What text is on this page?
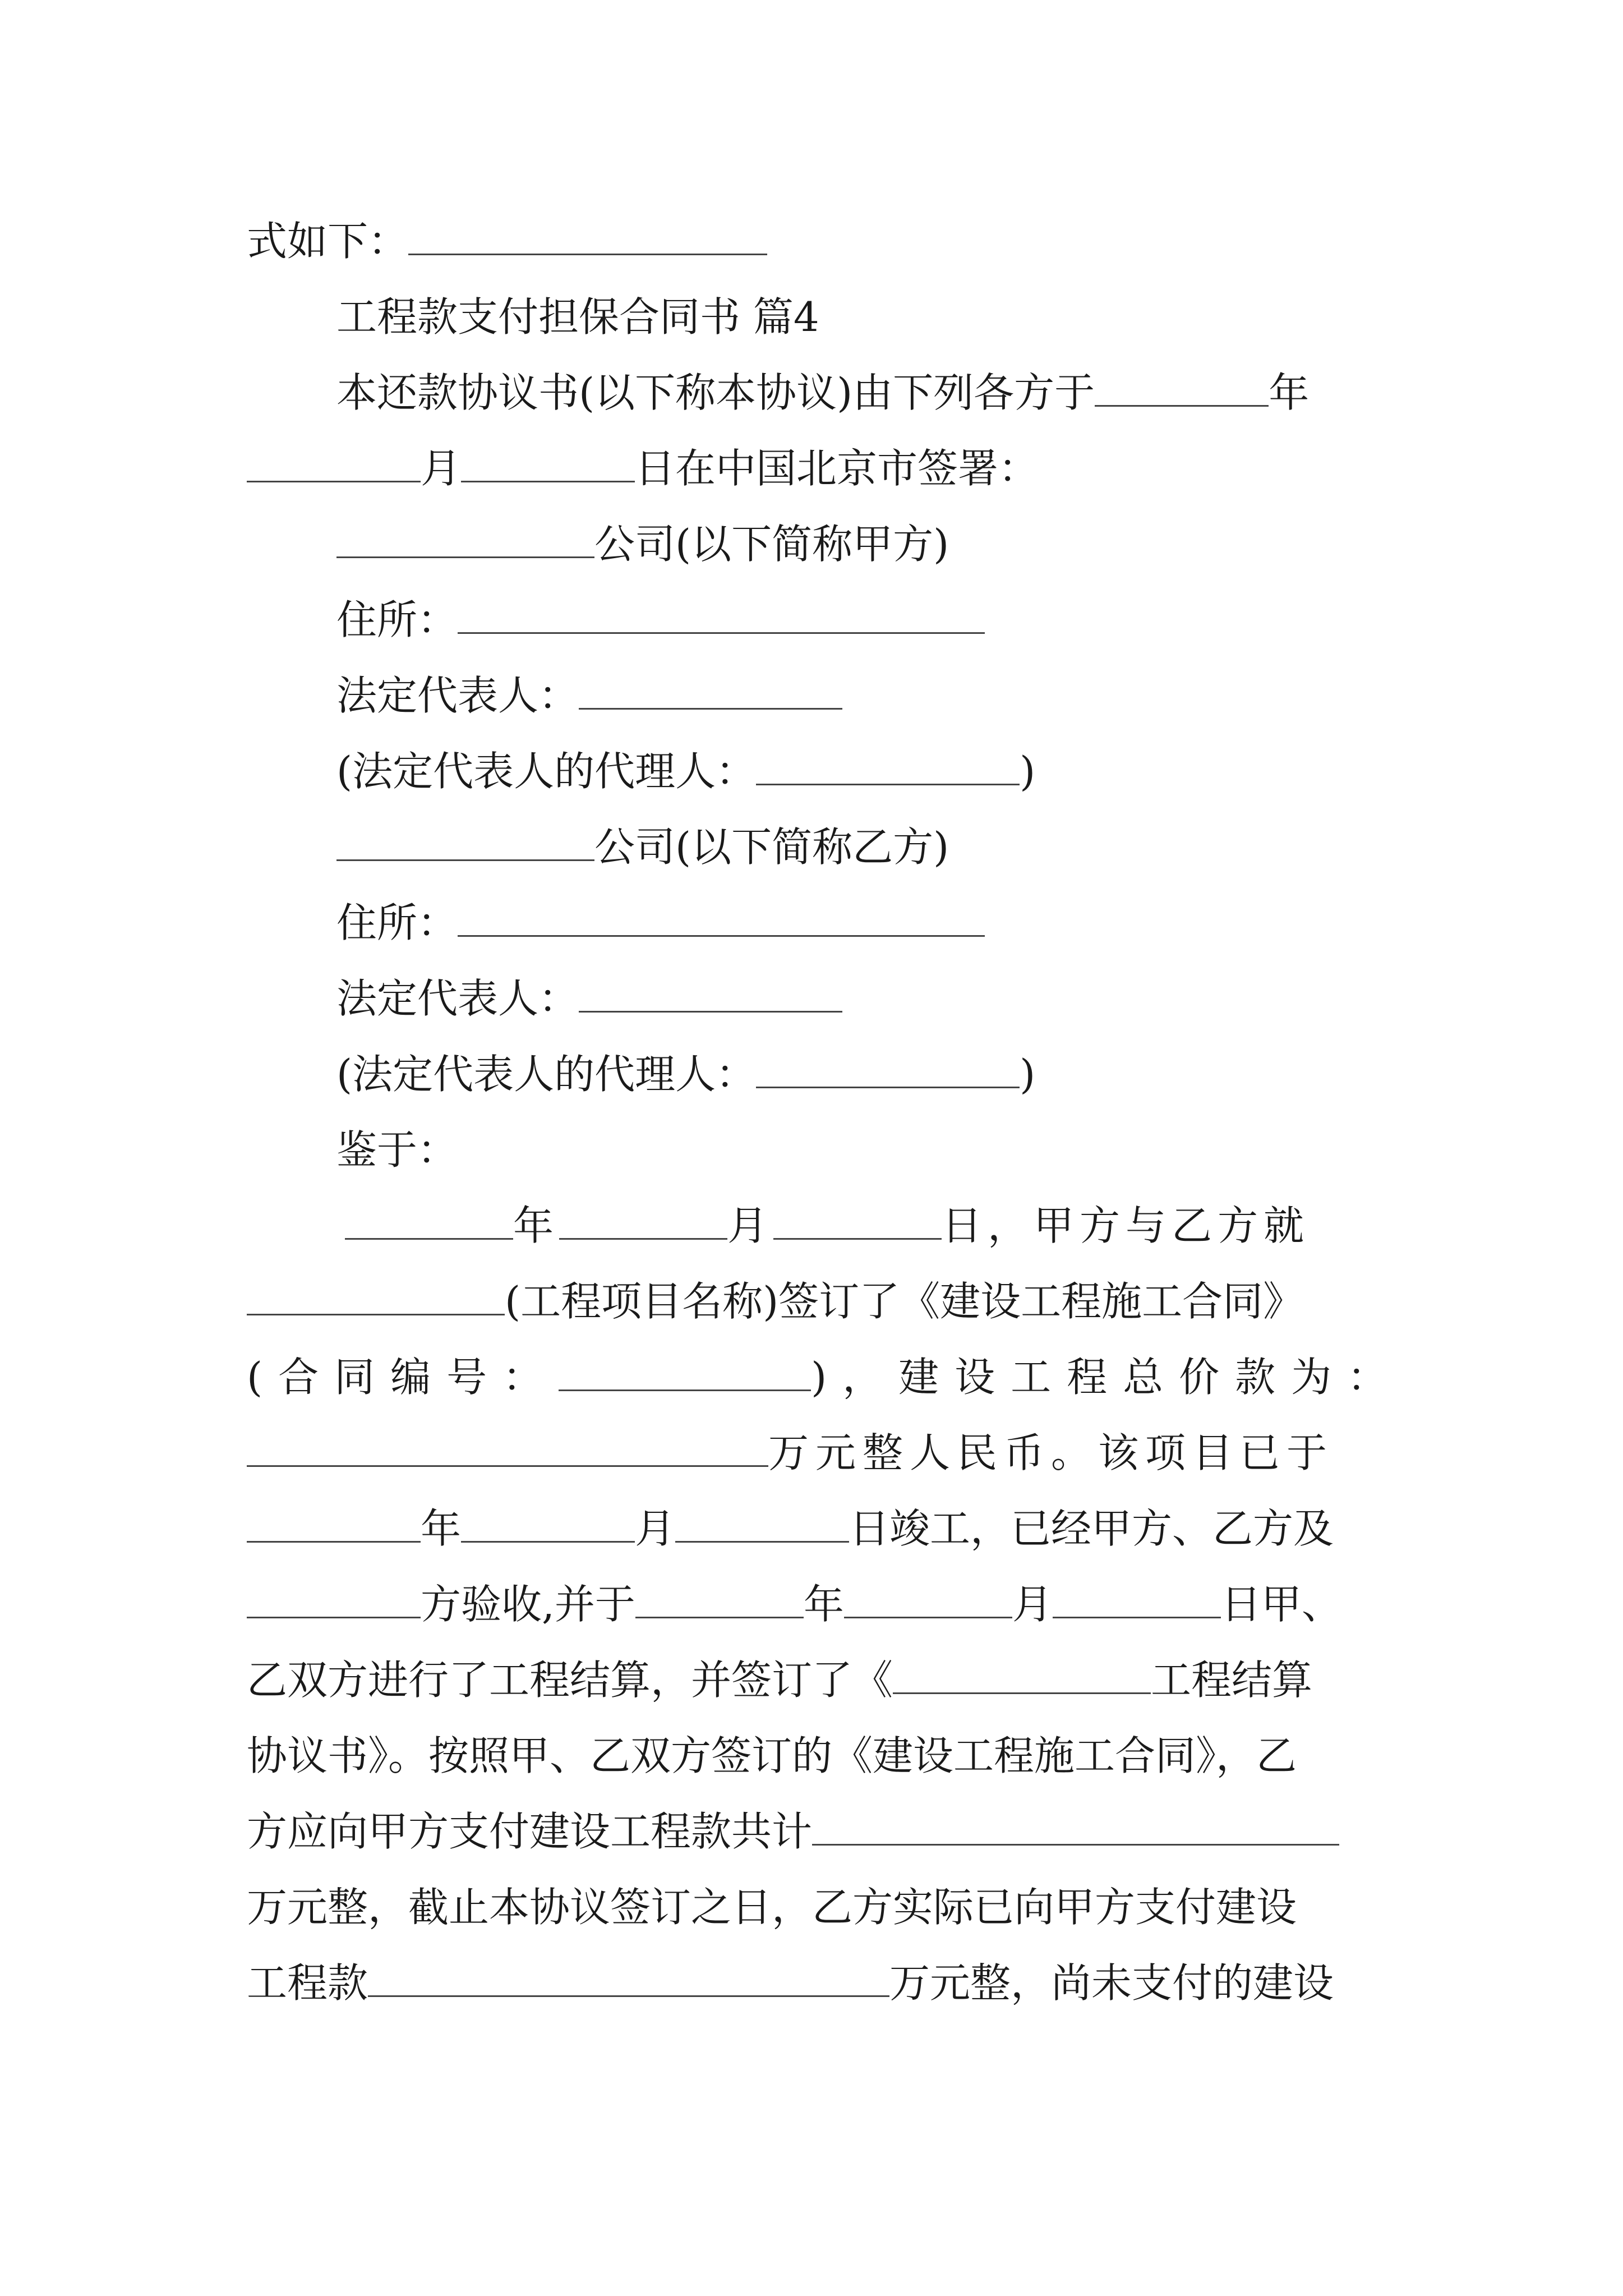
式如下：
工程款支付担保合同书 篇4
本还款协议书(以下称本协议)由下列各方于	年
月	日在中国北京市签署：
公司(以下简称甲方)
住所：
法定代表人：
(法定代表人的代理人：	)
公司(以下简称乙方)
住所：
法定代表人：
(法定代表人的代理人：	)
鉴于：
年	月	日，甲方与乙方就
(工程项目名称)签订了《建设工程施工合同》
(合同编号：	)，建设工程总价款为：
万元整人民币。该项目已于
年	月	日竣工，已经甲方、乙方及
方验收,并于	年	月	日甲、
乙双方进行了工程结算，并签订了《	工程结算
协议书》。按照甲、乙双方签订的《建设工程施工合同》，乙
方应向甲方支付建设工程款共计
万元整，截止本协议签订之日，乙方实际已向甲方支付建设
工程款	万元整，尚未支付的建设
